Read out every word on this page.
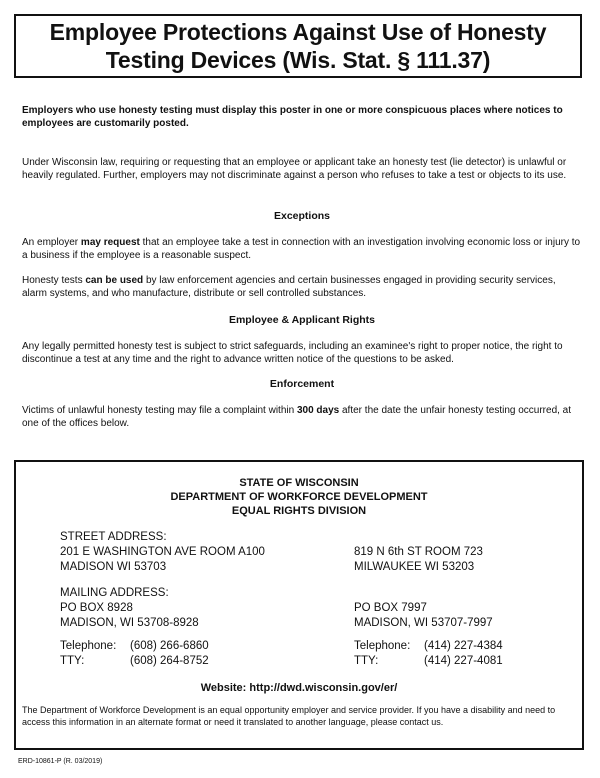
Employee Protections Against Use of Honesty
Testing Devices (Wis. Stat. § 111.37)
Employers who use honesty testing must display this poster in one or more conspicuous places where notices to employees are customarily posted.
Under Wisconsin law, requiring or requesting that an employee or applicant take an honesty test (lie detector) is unlawful or heavily regulated. Further, employers may not discriminate against a person who refuses to take a test or objects to its use.
Exceptions
An employer may request that an employee take a test in connection with an investigation involving economic loss or injury to a business if the employee is a reasonable suspect.
Honesty tests can be used by law enforcement agencies and certain businesses engaged in providing security services, alarm systems, and who manufacture, distribute or sell controlled substances.
Employee & Applicant Rights
Any legally permitted honesty test is subject to strict safeguards, including an examinee's right to proper notice, the right to discontinue a test at any time and the right to advance written notice of the questions to be asked.
Enforcement
Victims of unlawful honesty testing may file a complaint within 300 days after the date the unfair honesty testing occurred, at one of the offices below.
STATE OF WISCONSIN
DEPARTMENT OF WORKFORCE DEVELOPMENT
EQUAL RIGHTS DIVISION
STREET ADDRESS:
201 E WASHINGTON AVE ROOM A100
MADISON WI 53703
819 N 6th ST ROOM 723
MILWAUKEE WI 53203
MAILING ADDRESS:
PO BOX 8928
MADISON, WI 53708-8928
PO BOX 7997
MADISON, WI 53707-7997
Telephone: (608) 266-6860
TTY:	(608) 264-8752
Telephone: (414) 227-4384
TTY:	(414) 227-4081
Website: http://dwd.wisconsin.gov/er/
The Department of Workforce Development is an equal opportunity employer and service provider. If you have a disability and need to access this information in an alternate format or need it translated to another language, please contact us.
ERD-10861-P (R. 03/2019)
